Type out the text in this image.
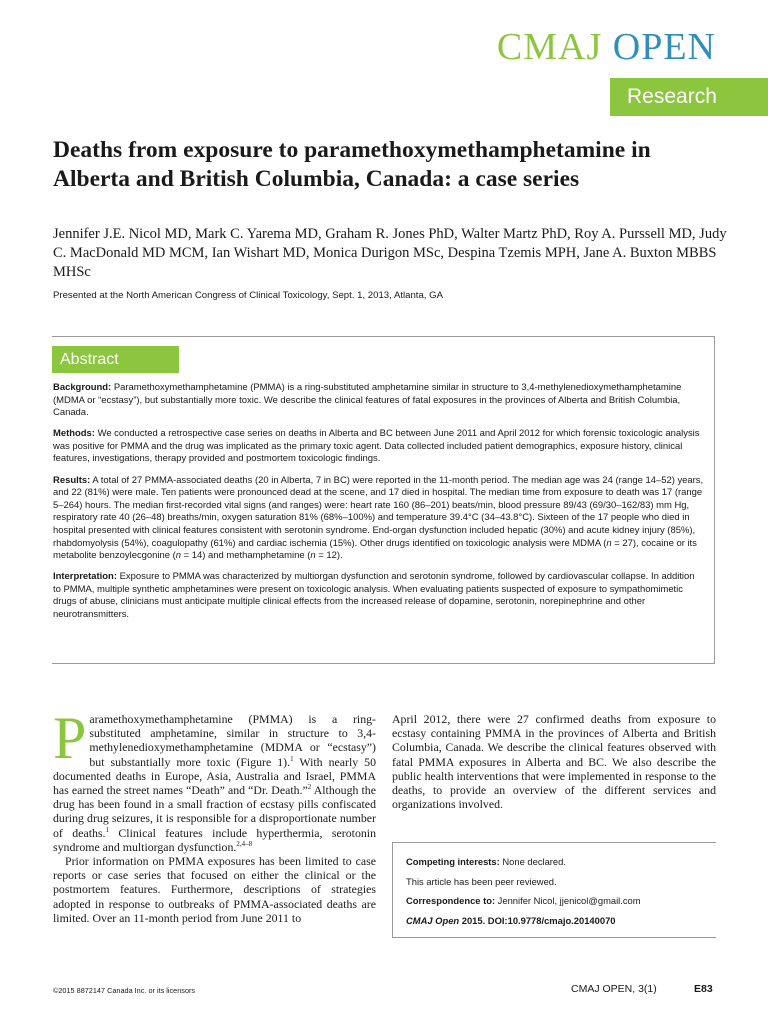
CMAJ OPEN
Research
Deaths from exposure to paramethoxymethamphetamine in Alberta and British Columbia, Canada: a case series

Jennifer J.E. Nicol MD, Mark C. Yarema MD, Graham R. Jones PhD, Walter Martz PhD, Roy A. Purssell MD, Judy C. MacDonald MD MCM, Ian Wishart MD, Monica Durigon MSc, Despina Tzemis MPH, Jane A. Buxton MBBS MHSc

Presented at the North American Congress of Clinical Toxicology, Sept. 1, 2013, Atlanta, GA

Abstract

Background: Paramethoxymethamphetamine (PMMA) is a ring-substituted amphetamine similar in structure to 3,4-methylenedioxymethamphetamine (MDMA or “ecstasy”), but substantially more toxic. We describe the clinical features of fatal exposures in the provinces of Alberta and British Columbia, Canada.

Methods: We conducted a retrospective case series on deaths in Alberta and BC between June 2011 and April 2012 for which forensic toxicologic analysis was positive for PMMA and the drug was implicated as the primary toxic agent. Data collected included patient demographics, exposure history, clinical features, investigations, therapy provided and postmortem toxicologic findings.

Results: A total of 27 PMMA-associated deaths (20 in Alberta, 7 in BC) were reported in the 11-month period. The median age was 24 (range 14–52) years, and 22 (81%) were male. Ten patients were pronounced dead at the scene, and 17 died in hospital. The median time from exposure to death was 17 (range 5–264) hours. The median first-recorded vital signs (and ranges) were: heart rate 160 (86–201) beats/min, blood pressure 89/43 (69/30–162/83) mm Hg, respiratory rate 40 (26–48) breaths/min, oxygen saturation 81% (68%–100%) and temperature 39.4°C (34–43.8°C). Sixteen of the 17 people who died in hospital presented with clinical features consistent with serotonin syndrome. End-organ dysfunction included hepatic (30%) and acute kidney injury (85%), rhabdomyolysis (54%), coagulopathy (61%) and cardiac ischemia (15%). Other drugs identified on toxicologic analysis were MDMA (n = 27), cocaine or its metabolite benzoylecgonine (n = 14) and methamphetamine (n = 12).

Interpretation: Exposure to PMMA was characterized by multiorgan dysfunction and serotonin syndrome, followed by cardiovascular collapse. In addition to PMMA, multiple synthetic amphetamines were present on toxicologic analysis. When evaluating patients suspected of exposure to sympathomimetic drugs of abuse, clinicians must anticipate multiple clinical effects from the increased release of dopamine, serotonin, norepinephrine and other neurotransmitters.

Paramethoxymethamphetamine (PMMA) is a ring-substituted amphetamine, similar in structure to 3,4-methylenedioxymethamphetamine (MDMA or “ecstasy”) but substantially more toxic (Figure 1).$^1$ With nearly 50 documented deaths in Europe, Asia, Australia and Israel, PMMA has earned the street names “Death” and “Dr. Death.”$^2$ Although the drug has been found in a small fraction of ecstasy pills confiscated during drug seizures, it is responsible for a disproportionate number of deaths.$^1$ Clinical features include hyperthermia, serotonin syndrome and multiorgan dysfunction.$^{2,4-8}$

Prior information on PMMA exposures has been limited to case reports or case series that focused on either the clinical or the postmortem features. Furthermore, descriptions of strategies adopted in response to outbreaks of PMMA-associated deaths are limited. Over an 11-month period from June 2011 to

April 2012, there were 27 confirmed deaths from exposure to ecstasy containing PMMA in the provinces of Alberta and British Columbia, Canada. We describe the clinical features observed with fatal PMMA exposures in Alberta and BC. We also describe the public health interventions that were implemented in response to the deaths, to provide an overview of the different services and organizations involved.

Competing interests: None declared.
This article has been peer reviewed.
Correspondence to: Jennifer Nicol, jjenicol@gmail.com
CMAJ Open 2015. DOI:10.9778/cmajo.20140070
©2015 8872147 Canada Inc. or its licensors	CMAJ OPEN, 3(1)	E83
